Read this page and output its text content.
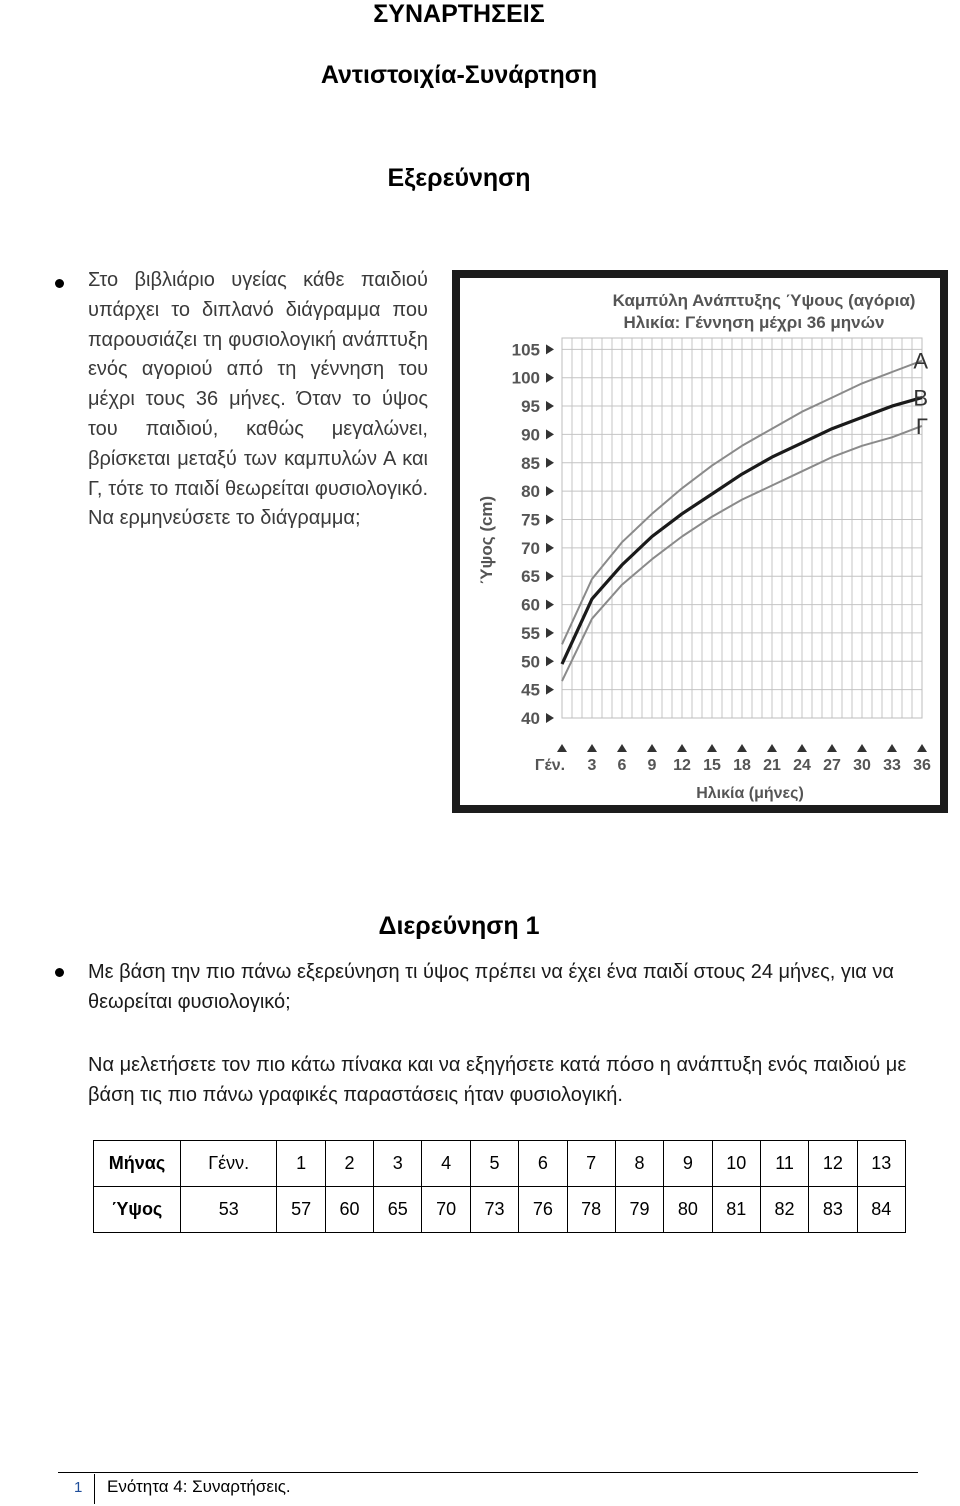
ΣΥΝΑΡΤΗΣΕΙΣ
Αντιστοιχία-Συνάρτηση
Εξερεύνηση
Στο βιβλιάριο υγείας κάθε παιδιού υπάρχει το διπλανό διάγραμμα που παρουσιάζει τη φυσιολογική ανάπτυξη ενός αγοριού από τη γέννηση του μέχρι τους 36 μήνες. Όταν το ύψος του παιδιού, καθώς μεγαλώνει, βρίσκεται μεταξύ των καμπυλών Α και Γ, τότε το παιδί θεωρείται φυσιολογικό. Να ερμηνεύσετε το διάγραμμα;
Καμπύλη Ανάπτυξης Ύψους (αγόρια)
Ηλικία: Γέννηση μέχρι 36 μηνών
105
100
95
90
85
80
75
70
65
60
55
50
45
40
Ύψος (cm)
Γέν. 3 6 9 12 15 18 21 24 27 30 33 36
Ηλικία (μήνες)
Α
Β
Γ
Διερεύνηση 1
Με βάση την πιο πάνω εξερεύνηση τι ύψος πρέπει να έχει ένα παιδί στους 24 μήνες, για να θεωρείται φυσιολογικό;
Να μελετήσετε τον πιο κάτω πίνακα και να εξηγήσετε κατά πόσο η ανάπτυξη ενός παιδιού με βάση τις πιο πάνω γραφικές παραστάσεις ήταν φυσιολογική.
Μήνας	Γένν.	1	2	3	4	5	6	7	8	9	10	11	12	13
Ύψος	53	57	60	65	70	73	76	78	79	80	81	82	83	84
1 Ενότητα 4: Συναρτήσεις.
